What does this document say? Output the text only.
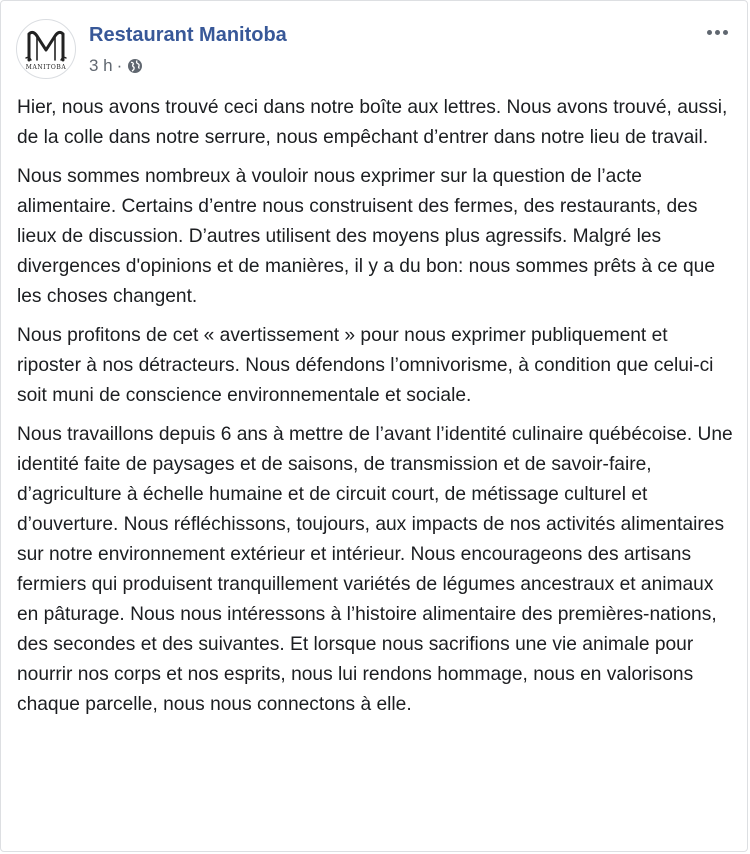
MANITOBA
Restaurant Manitoba
3 h ·

Hier, nous avons trouvé ceci dans notre boîte aux lettres. Nous avons trouvé, aussi, de la colle dans notre serrure, nous empêchant d’entrer dans notre lieu de travail.

Nous sommes nombreux à vouloir nous exprimer sur la question de l’acte alimentaire. Certains d’entre nous construisent des fermes, des restaurants, des lieux de discussion. D’autres utilisent des moyens plus agressifs. Malgré les divergences d'opinions et de manières, il y a du bon: nous sommes prêts à ce que les choses changent.

Nous profitons de cet « avertissement » pour nous exprimer publiquement et riposter à nos détracteurs. Nous défendons l’omnivorisme, à condition que celui-ci soit muni de conscience environnementale et sociale.

Nous travaillons depuis 6 ans à mettre de l’avant l’identité culinaire québécoise. Une identité faite de paysages et de saisons, de transmission et de savoir-faire, d’agriculture à échelle humaine et de circuit court, de métissage culturel et d’ouverture. Nous réfléchissons, toujours, aux impacts de nos activités alimentaires sur notre environnement extérieur et intérieur. Nous encourageons des artisans fermiers qui produisent tranquillement variétés de légumes ancestraux et animaux en pâturage. Nous nous intéressons à l’histoire alimentaire des premières-nations, des secondes et des suivantes. Et lorsque nous sacrifions une vie animale pour nourrir nos corps et nos esprits, nous lui rendons hommage, nous en valorisons chaque parcelle, nous nous connectons à elle.
